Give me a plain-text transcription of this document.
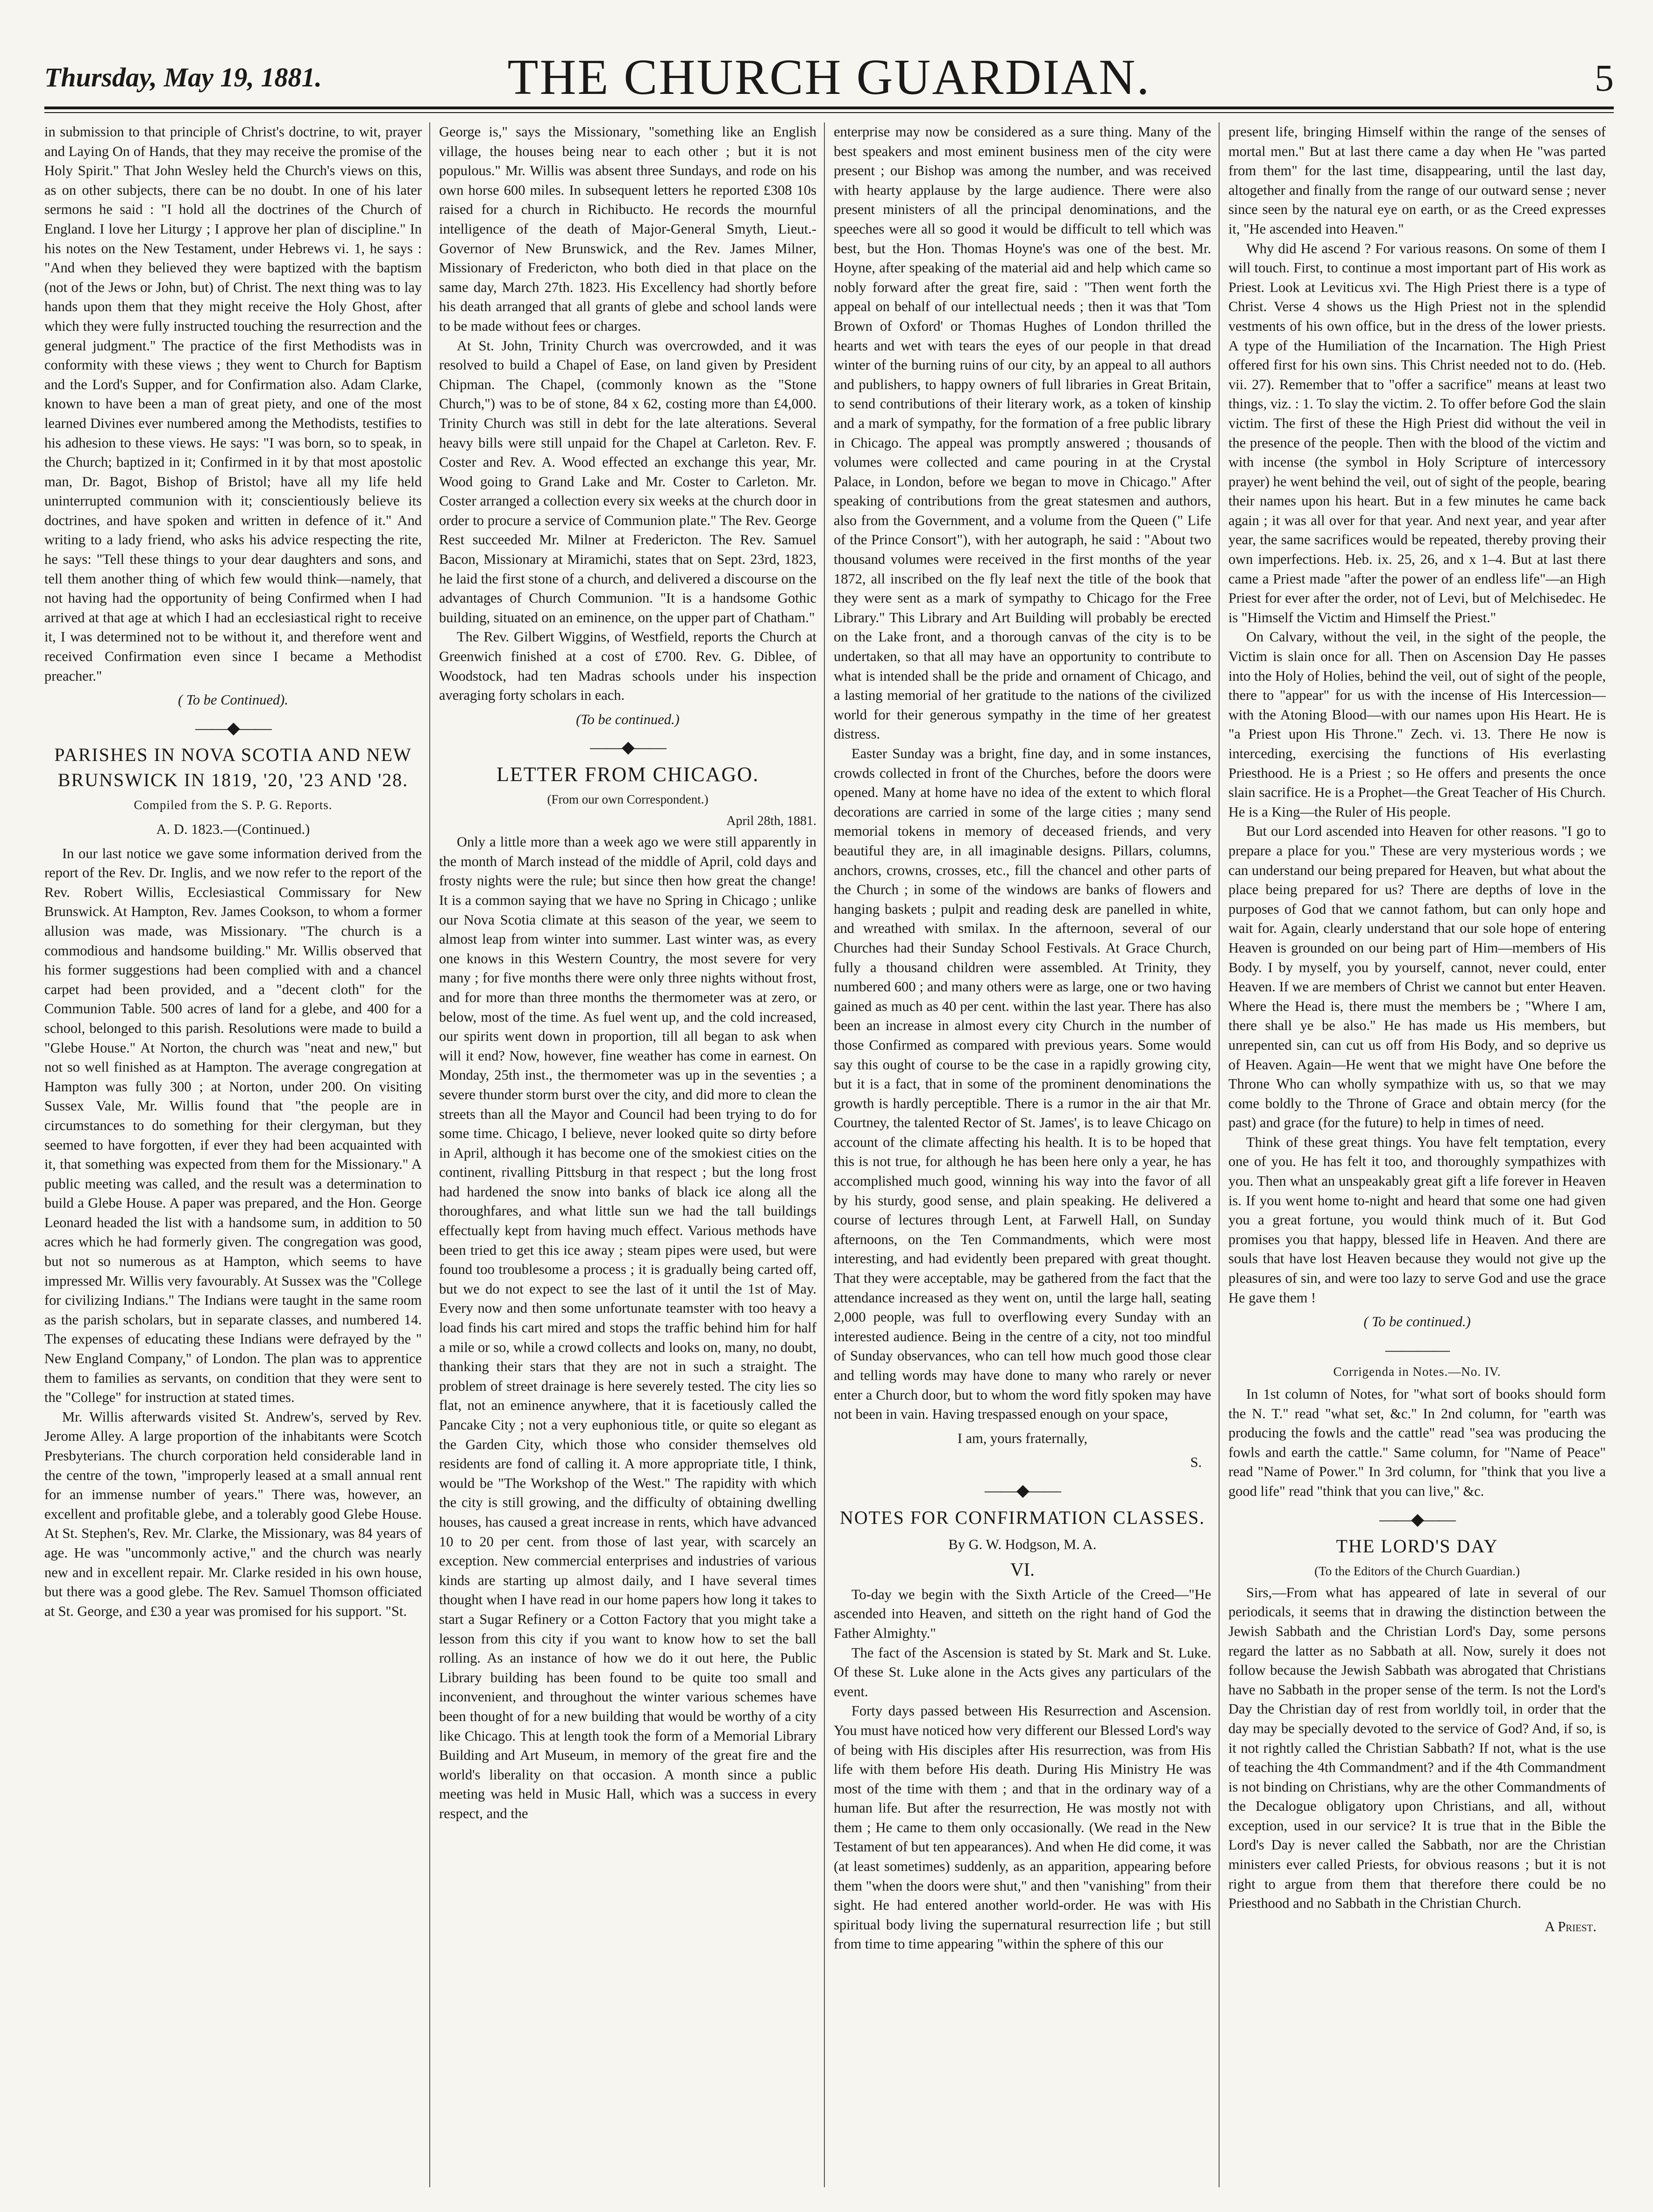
Thursday, May 19, 1881.	THE CHURCH GUARDIAN.	5

in submission to that principle of Christ's doctrine, to wit, prayer and Laying On of Hands, that they may receive the promise of the Holy Spirit." That John Wesley held the Church's views on this, as on other subjects, there can be no doubt. In one of his later sermons he said : "I hold all the doctrines of the Church of England. I love her Liturgy ; I approve her plan of discipline." In his notes on the New Testament, under Hebrews vi. 1, he says : "And when they believed they were baptized with the baptism (not of the Jews or John, but) of Christ. The next thing was to lay hands upon them that they might receive the Holy Ghost, after which they were fully instructed touching the resurrection and the general judgment." The practice of the first Methodists was in conformity with these views ; they went to Church for Baptism and the Lord's Supper, and for Confirmation also. Adam Clarke, known to have been a man of great piety, and one of the most learned Divines ever numbered among the Methodists, testifies to his adhesion to these views. He says: "I was born, so to speak, in the Church; baptized in it; Confirmed in it by that most apostolic man, Dr. Bagot, Bishop of Bristol; have all my life held uninterrupted communion with it; conscientiously believe its doctrines, and have spoken and written in defence of it." And writing to a lady friend, who asks his advice respecting the rite, he says: "Tell these things to your dear daughters and sons, and tell them another thing of which few would think—namely, that not having had the opportunity of being Confirmed when I had arrived at that age at which I had an ecclesiastical right to receive it, I was determined not to be without it, and therefore went and received Confirmation even since I became a Methodist preacher."

( To be Continued).
——◆——
PARISHES IN NOVA SCOTIA AND NEW BRUNSWICK IN 1819, '20, '23 AND '28.
Compiled from the S. P. G. Reports.
A. D. 1823.—(Continued.)

In our last notice we gave some information derived from the report of the Rev. Dr. Inglis, and we now refer to the report of the Rev. Robert Willis, Ecclesiastical Commissary for New Brunswick. At Hampton, Rev. James Cookson, to whom a former allusion was made, was Missionary. "The church is a commodious and handsome building." Mr. Willis observed that his former suggestions had been complied with and a chancel carpet had been provided, and a "decent cloth" for the Communion Table. 500 acres of land for a glebe, and 400 for a school, belonged to this parish. Resolutions were made to build a "Glebe House." At Norton, the church was "neat and new," but not so well finished as at Hampton. The average congregation at Hampton was fully 300 ; at Norton, under 200. On visiting Sussex Vale, Mr. Willis found that "the people are in circumstances to do something for their clergyman, but they seemed to have forgotten, if ever they had been acquainted with it, that something was expected from them for the Missionary." A public meeting was called, and the result was a determination to build a Glebe House. A paper was prepared, and the Hon. George Leonard headed the list with a handsome sum, in addition to 50 acres which he had formerly given. The congregation was good, but not so numerous as at Hampton, which seems to have impressed Mr. Willis very favourably. At Sussex was the "College for civilizing Indians." The Indians were taught in the same room as the parish scholars, but in separate classes, and numbered 14. The expenses of educating these Indians were defrayed by the " New England Company," of London. The plan was to apprentice them to families as servants, on condition that they were sent to the "College" for instruction at stated times.

Mr. Willis afterwards visited St. Andrew's, served by Rev. Jerome Alley. A large proportion of the inhabitants were Scotch Presbyterians. The church corporation held considerable land in the centre of the town, "improperly leased at a small annual rent for an immense number of years." There was, however, an excellent and profitable glebe, and a tolerably good Glebe House. At St. Stephen's, Rev. Mr. Clarke, the Missionary, was 84 years of age. He was "uncommonly active," and the church was nearly new and in excellent repair. Mr. Clarke resided in his own house, but there was a good glebe. The Rev. Samuel Thomson officiated at St. George, and £30 a year was promised for his support. "St.

George is," says the Missionary, "something like an English village, the houses being near to each other ; but it is not populous." Mr. Willis was absent three Sundays, and rode on his own horse 600 miles. In subsequent letters he reported £308 10s raised for a church in Richibucto. He records the mournful intelligence of the death of Major-General Smyth, Lieut.-Governor of New Brunswick, and the Rev. James Milner, Missionary of Fredericton, who both died in that place on the same day, March 27th. 1823. His Excellency had shortly before his death arranged that all grants of glebe and school lands were to be made without fees or charges.

At St. John, Trinity Church was overcrowded, and it was resolved to build a Chapel of Ease, on land given by President Chipman. The Chapel, (commonly known as the "Stone Church,") was to be of stone, 84 x 62, costing more than £4,000. Trinity Church was still in debt for the late alterations. Several heavy bills were still unpaid for the Chapel at Carleton. Rev. F. Coster and Rev. A. Wood effected an exchange this year, Mr. Wood going to Grand Lake and Mr. Coster to Carleton. Mr. Coster arranged a collection every six weeks at the church door in order to procure a service of Communion plate." The Rev. George Rest succeeded Mr. Milner at Fredericton. The Rev. Samuel Bacon, Missionary at Miramichi, states that on Sept. 23rd, 1823, he laid the first stone of a church, and delivered a discourse on the advantages of Church Communion. "It is a handsome Gothic building, situated on an eminence, on the upper part of Chatham."

The Rev. Gilbert Wiggins, of Westfield, reports the Church at Greenwich finished at a cost of £700. Rev. G. Diblee, of Woodstock, had ten Madras schools under his inspection averaging forty scholars in each.

(To be continued.)
——◆——
LETTER FROM CHICAGO.
(From our own Correspondent.)
April 28th, 1881.

Only a little more than a week ago we were still apparently in the month of March instead of the middle of April, cold days and frosty nights were the rule; but since then how great the change! It is a common saying that we have no Spring in Chicago ; unlike our Nova Scotia climate at this season of the year, we seem to almost leap from winter into summer. Last winter was, as every one knows in this Western Country, the most severe for very many ; for five months there were only three nights without frost, and for more than three months the thermometer was at zero, or below, most of the time. As fuel went up, and the cold increased, our spirits went down in proportion, till all began to ask when will it end? Now, however, fine weather has come in earnest. On Monday, 25th inst., the thermometer was up in the seventies ; a severe thunder storm burst over the city, and did more to clean the streets than all the Mayor and Council had been trying to do for some time. Chicago, I believe, never looked quite so dirty before in April, although it has become one of the smokiest cities on the continent, rivalling Pittsburg in that respect ; but the long frost had hardened the snow into banks of black ice along all the thoroughfares, and what little sun we had the tall buildings effectually kept from having much effect. Various methods have been tried to get this ice away ; steam pipes were used, but were found too troublesome a process ; it is gradually being carted off, but we do not expect to see the last of it until the 1st of May. Every now and then some unfortunate teamster with too heavy a load finds his cart mired and stops the traffic behind him for half a mile or so, while a crowd collects and looks on, many, no doubt, thanking their stars that they are not in such a straight. The problem of street drainage is here severely tested. The city lies so flat, not an eminence anywhere, that it is facetiously called the Pancake City ; not a very euphonious title, or quite so elegant as the Garden City, which those who consider themselves old residents are fond of calling it. A more appropriate title, I think, would be "The Workshop of the West." The rapidity with which the city is still growing, and the difficulty of obtaining dwelling houses, has caused a great increase in rents, which have advanced 10 to 20 per cent. from those of last year, with scarcely an exception. New commercial enterprises and industries of various kinds are starting up almost daily, and I have several times thought when I have read in our home papers how long it takes to start a Sugar Refinery or a Cotton Factory that you might take a lesson from this city if you want to know how to set the ball rolling. As an instance of how we do it out here, the Public Library building has been found to be quite too small and inconvenient, and throughout the winter various schemes have been thought of for a new building that would be worthy of a city like Chicago. This at length took the form of a Memorial Library Building and Art Museum, in memory of the great fire and the world's liberality on that occasion. A month since a public meeting was held in Music Hall, which was a success in every respect, and the

enterprise may now be considered as a sure thing. Many of the best speakers and most eminent business men of the city were present ; our Bishop was among the number, and was received with hearty applause by the large audience. There were also present ministers of all the principal denominations, and the speeches were all so good it would be difficult to tell which was best, but the Hon. Thomas Hoyne's was one of the best. Mr. Hoyne, after speaking of the material aid and help which came so nobly forward after the great fire, said : "Then went forth the appeal on behalf of our intellectual needs ; then it was that 'Tom Brown of Oxford' or Thomas Hughes of London thrilled the hearts and wet with tears the eyes of our people in that dread winter of the burning ruins of our city, by an appeal to all authors and publishers, to happy owners of full libraries in Great Britain, to send contributions of their literary work, as a token of kinship and a mark of sympathy, for the formation of a free public library in Chicago. The appeal was promptly answered ; thousands of volumes were collected and came pouring in at the Crystal Palace, in London, before we began to move in Chicago." After speaking of contributions from the great statesmen and authors, also from the Government, and a volume from the Queen (" Life of the Prince Consort"), with her autograph, he said : "About two thousand volumes were received in the first months of the year 1872, all inscribed on the fly leaf next the title of the book that they were sent as a mark of sympathy to Chicago for the Free Library." This Library and Art Building will probably be erected on the Lake front, and a thorough canvas of the city is to be undertaken, so that all may have an opportunity to contribute to what is intended shall be the pride and ornament of Chicago, and a lasting memorial of her gratitude to the nations of the civilized world for their generous sympathy in the time of her greatest distress.

Easter Sunday was a bright, fine day, and in some instances, crowds collected in front of the Churches, before the doors were opened. Many at home have no idea of the extent to which floral decorations are carried in some of the large cities ; many send memorial tokens in memory of deceased friends, and very beautiful they are, in all imaginable designs. Pillars, columns, anchors, crowns, crosses, etc., fill the chancel and other parts of the Church ; in some of the windows are banks of flowers and hanging baskets ; pulpit and reading desk are panelled in white, and wreathed with smilax. In the afternoon, several of our Churches had their Sunday School Festivals. At Grace Church, fully a thousand children were assembled. At Trinity, they numbered 600 ; and many others were as large, one or two having gained as much as 40 per cent. within the last year. There has also been an increase in almost every city Church in the number of those Confirmed as compared with previous years. Some would say this ought of course to be the case in a rapidly growing city, but it is a fact, that in some of the prominent denominations the growth is hardly perceptible. There is a rumor in the air that Mr. Courtney, the talented Rector of St. James', is to leave Chicago on account of the climate affecting his health. It is to be hoped that this is not true, for although he has been here only a year, he has accomplished much good, winning his way into the favor of all by his sturdy, good sense, and plain speaking. He delivered a course of lectures through Lent, at Farwell Hall, on Sunday afternoons, on the Ten Commandments, which were most interesting, and had evidently been prepared with great thought. That they were acceptable, may be gathered from the fact that the attendance increased as they went on, until the large hall, seating 2,000 people, was full to overflowing every Sunday with an interested audience. Being in the centre of a city, not too mindful of Sunday observances, who can tell how much good those clear and telling words may have done to many who rarely or never enter a Church door, but to whom the word fitly spoken may have not been in vain. Having trespassed enough on your space,

I am, yours fraternally,
S.
——◆——
NOTES FOR CONFIRMATION CLASSES.
By G. W. Hodgson, M. A.
VI.

To-day we begin with the Sixth Article of the Creed—"He ascended into Heaven, and sitteth on the right hand of God the Father Almighty."

The fact of the Ascension is stated by St. Mark and St. Luke. Of these St. Luke alone in the Acts gives any particulars of the event.

Forty days passed between His Resurrection and Ascension. You must have noticed how very different our Blessed Lord's way of being with His disciples after His resurrection, was from His life with them before His death. During His Ministry He was most of the time with them ; and that in the ordinary way of a human life. But after the resurrection, He was mostly not with them ; He came to them only occasionally. (We read in the New Testament of but ten appearances). And when He did come, it was (at least sometimes) suddenly, as an apparition, appearing before them "when the doors were shut," and then "vanishing" from their sight. He had entered another world-order. He was with His spiritual body living the supernatural resurrection life ; but still from time to time appearing "within the sphere of this our

present life, bringing Himself within the range of the senses of mortal men." But at last there came a day when He "was parted from them" for the last time, disappearing, until the last day, altogether and finally from the range of our outward sense ; never since seen by the natural eye on earth, or as the Creed expresses it, "He ascended into Heaven."

Why did He ascend ? For various reasons. On some of them I will touch. First, to continue a most important part of His work as Priest. Look at Leviticus xvi. The High Priest there is a type of Christ. Verse 4 shows us the High Priest not in the splendid vestments of his own office, but in the dress of the lower priests. A type of the Humiliation of the Incarnation. The High Priest offered first for his own sins. This Christ needed not to do. (Heb. vii. 27). Remember that to "offer a sacrifice" means at least two things, viz. : 1. To slay the victim. 2. To offer before God the slain victim. The first of these the High Priest did without the veil in the presence of the people. Then with the blood of the victim and with incense (the symbol in Holy Scripture of intercessory prayer) he went behind the veil, out of sight of the people, bearing their names upon his heart. But in a few minutes he came back again ; it was all over for that year. And next year, and year after year, the same sacrifices would be repeated, thereby proving their own imperfections. Heb. ix. 25, 26, and x 1–4. But at last there came a Priest made "after the power of an endless life"—an High Priest for ever after the order, not of Levi, but of Melchisedec. He is "Himself the Victim and Himself the Priest."

On Calvary, without the veil, in the sight of the people, the Victim is slain once for all. Then on Ascension Day He passes into the Holy of Holies, behind the veil, out of sight of the people, there to "appear" for us with the incense of His Intercession—with the Atoning Blood—with our names upon His Heart. He is "a Priest upon His Throne." Zech. vi. 13. There He now is interceding, exercising the functions of His everlasting Priesthood. He is a Priest ; so He offers and presents the once slain sacrifice. He is a Prophet—the Great Teacher of His Church. He is a King—the Ruler of His people.

But our Lord ascended into Heaven for other reasons. "I go to prepare a place for you." These are very mysterious words ; we can understand our being prepared for Heaven, but what about the place being prepared for us? There are depths of love in the purposes of God that we cannot fathom, but can only hope and wait for. Again, clearly understand that our sole hope of entering Heaven is grounded on our being part of Him—members of His Body. I by myself, you by yourself, cannot, never could, enter Heaven. If we are members of Christ we cannot but enter Heaven. Where the Head is, there must the members be ; "Where I am, there shall ye be also." He has made us His members, but unrepented sin, can cut us off from His Body, and so deprive us of Heaven. Again—He went that we might have One before the Throne Who can wholly sympathize with us, so that we may come boldly to the Throne of Grace and obtain mercy (for the past) and grace (for the future) to help in times of need.

Think of these great things. You have felt temptation, every one of you. He has felt it too, and thoroughly sympathizes with you. Then what an unspeakably great gift a life forever in Heaven is. If you went home to-night and heard that some one had given you a great fortune, you would think much of it. But God promises you that happy, blessed life in Heaven. And there are souls that have lost Heaven because they would not give up the pleasures of sin, and were too lazy to serve God and use the grace He gave them !

( To be continued.)
————
Corrigenda in Notes.—No. IV.

In 1st column of Notes, for "what sort of books should form the N. T." read "what set, &c." In 2nd column, for "earth was producing the fowls and the cattle" read "sea was producing the fowls and earth the cattle." Same column, for "Name of Peace" read "Name of Power." In 3rd column, for "think that you live a good life" read "think that you can live," &c.

——◆——
THE LORD'S DAY
(To the Editors of the Church Guardian.)

Sirs,—From what has appeared of late in several of our periodicals, it seems that in drawing the distinction between the Jewish Sabbath and the Christian Lord's Day, some persons regard the latter as no Sabbath at all. Now, surely it does not follow because the Jewish Sabbath was abrogated that Christians have no Sabbath in the proper sense of the term. Is not the Lord's Day the Christian day of rest from worldly toil, in order that the day may be specially devoted to the service of God? And, if so, is it not rightly called the Christian Sabbath? If not, what is the use of teaching the 4th Commandment? and if the 4th Commandment is not binding on Christians, why are the other Commandments of the Decalogue obligatory upon Christians, and all, without exception, used in our service? It is true that in the Bible the Lord's Day is never called the Sabbath, nor are the Christian ministers ever called Priests, for obvious reasons ; but it is not right to argue from them that therefore there could be no Priesthood and no Sabbath in the Christian Church.

A Priest.
